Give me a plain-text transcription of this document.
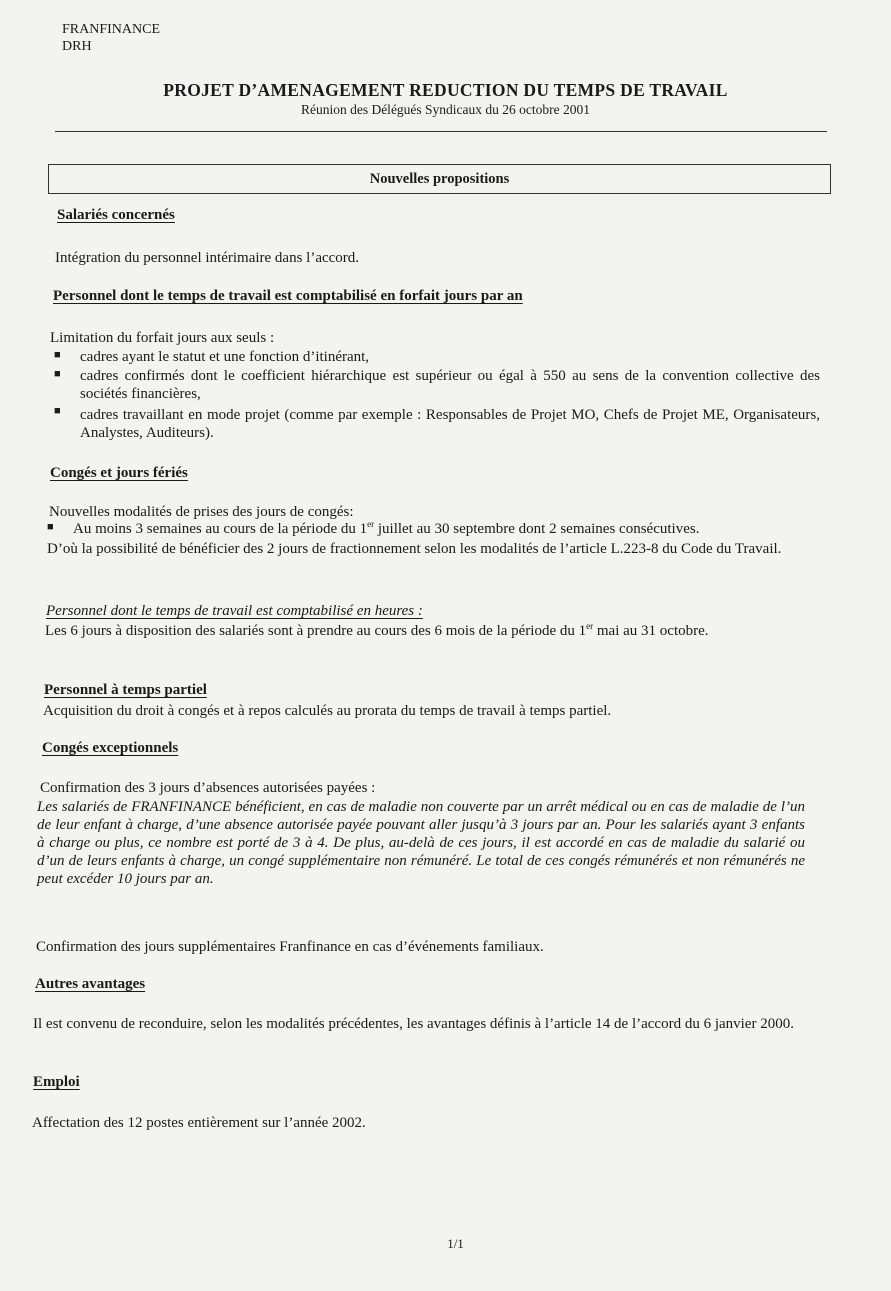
FRANFINANCE
DRH
PROJET D’AMENAGEMENT REDUCTION DU TEMPS DE TRAVAIL
Réunion des Délégués Syndicaux du 26 octobre 2001
Nouvelles propositions
Salariés concernés
Intégration du personnel intérimaire dans l’accord.
Personnel dont le temps de travail est comptabilisé en forfait jours par an
Limitation du forfait jours aux seuls :
■ cadres ayant le statut et une fonction d’itinérant,
■ cadres confirmés dont le coefficient hiérarchique est supérieur ou égal à 550 au sens de la convention collective des sociétés financières,
■ cadres travaillant en mode projet (comme par exemple : Responsables de Projet MO, Chefs de Projet ME, Organisateurs, Analystes, Auditeurs).
Congés et jours fériés
Nouvelles modalités de prises des jours de congés:
■ Au moins 3 semaines au cours de la période du 1er juillet au 30 septembre dont 2 semaines consécutives.
D’où la possibilité de bénéficier des 2 jours de fractionnement selon les modalités de l’article L.223-8 du Code du Travail.
Personnel dont le temps de travail est comptabilisé en heures :
Les 6 jours à disposition des salariés sont à prendre au cours des 6 mois de la période du 1er mai au 31 octobre.
Personnel à temps partiel
Acquisition du droit à congés et à repos calculés au prorata du temps de travail à temps partiel.
Congés exceptionnels
Confirmation des 3 jours d’absences autorisées payées :
Les salariés de FRANFINANCE bénéficient, en cas de maladie non couverte par un arrêt médical ou en cas de maladie de l’un de leur enfant à charge, d’une absence autorisée payée pouvant aller jusqu’à 3 jours par an. Pour les salariés ayant 3 enfants à charge ou plus, ce nombre est porté de 3 à 4. De plus, au-delà de ces jours, il est accordé en cas de maladie du salarié ou d’un de leurs enfants à charge, un congé supplémentaire non rémunéré. Le total de ces congés rémunérés et non rémunérés ne peut excéder 10 jours par an.
Confirmation des jours supplémentaires Franfinance en cas d’événements familiaux.
Autres avantages
Il est convenu de reconduire, selon les modalités précédentes, les avantages définis à l’article 14 de l’accord du 6 janvier 2000.
Emploi
Affectation des 12 postes entièrement sur l’année 2002.
1/1
